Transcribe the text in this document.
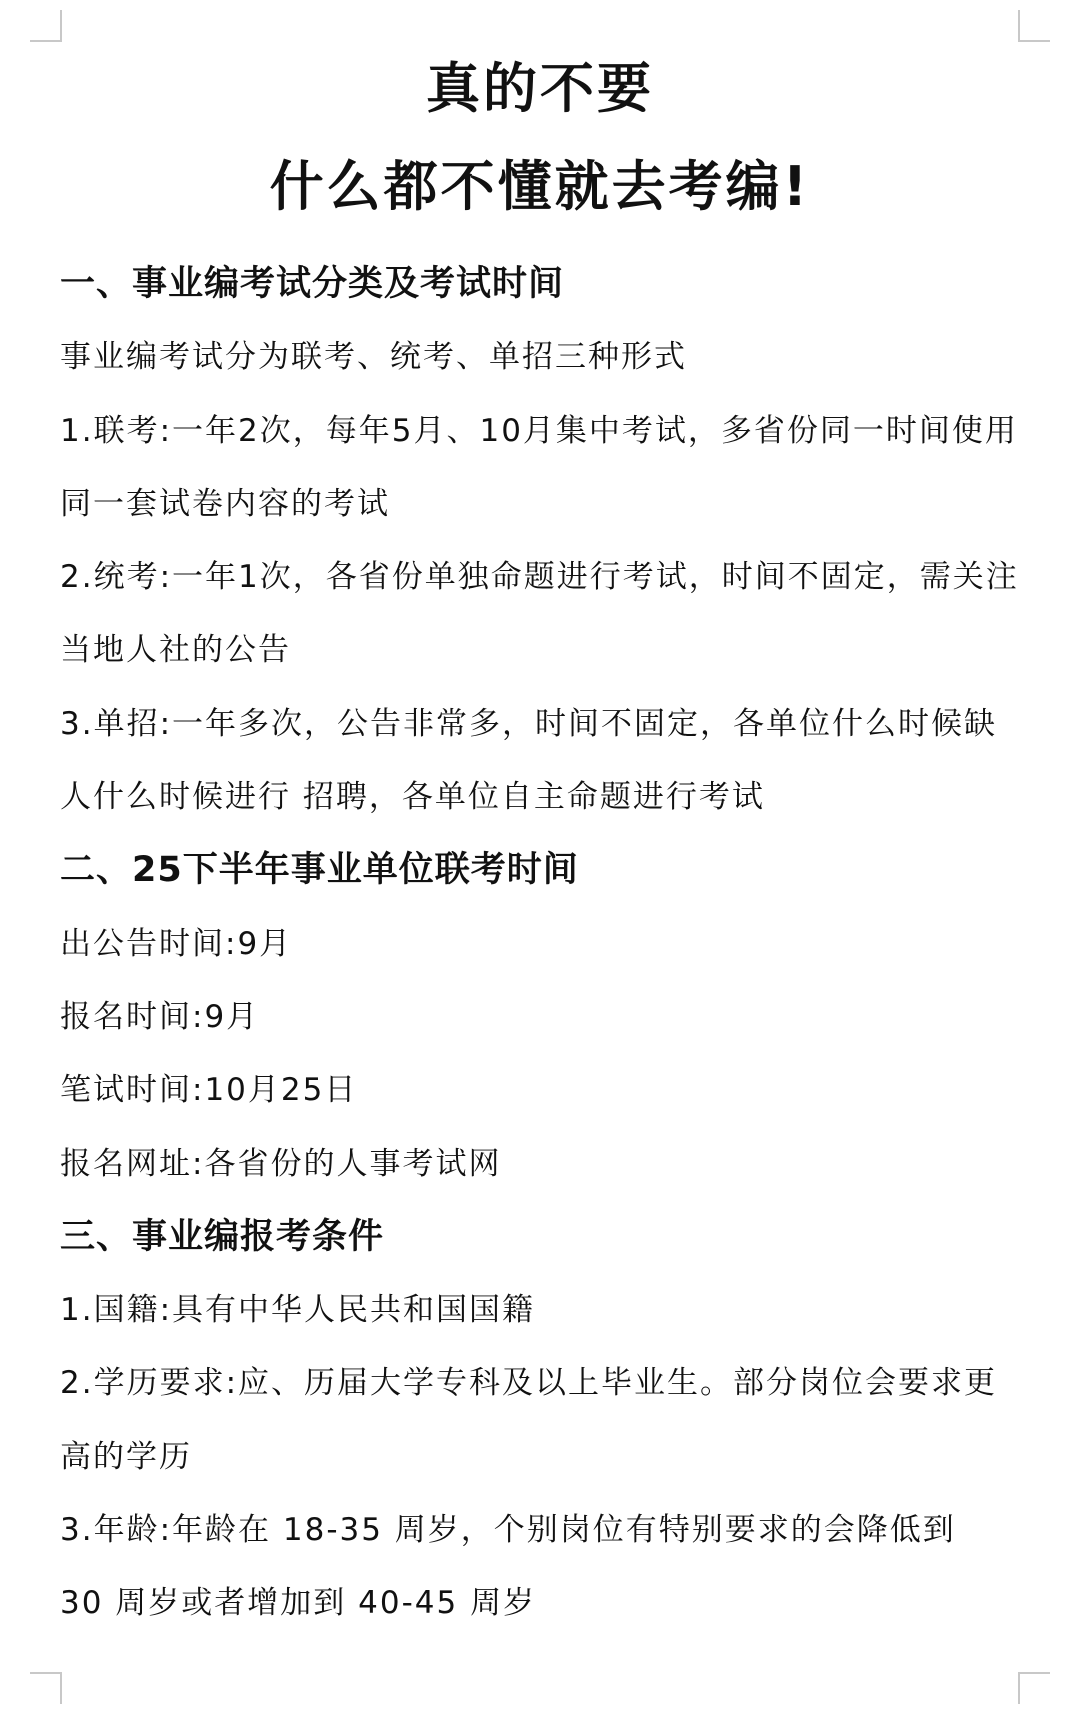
真的不要
什么都不懂就去考编!
一、事业编考试分类及考试时间
事业编考试分为联考、统考、单招三种形式
1.联考:一年2次，每年5月、10月集中考试，多省份同一时间使用
同一套试卷内容的考试
2.统考:一年1次，各省份单独命题进行考试，时间不固定，需关注
当地人社的公告
3.单招:一年多次，公告非常多，时间不固定，各单位什么时候缺
人什么时候进行 招聘，各单位自主命题进行考试
二、25下半年事业单位联考时间
出公告时间:9月
报名时间:9月
笔试时间:10月25日
报名网址:各省份的人事考试网
三、事业编报考条件
1.国籍:具有中华人民共和国国籍
2.学历要求:应、历届大学专科及以上毕业生。部分岗位会要求更
高的学历
3.年龄:年龄在 18-35 周岁，个别岗位有特别要求的会降低到
30 周岁或者增加到 40-45 周岁
